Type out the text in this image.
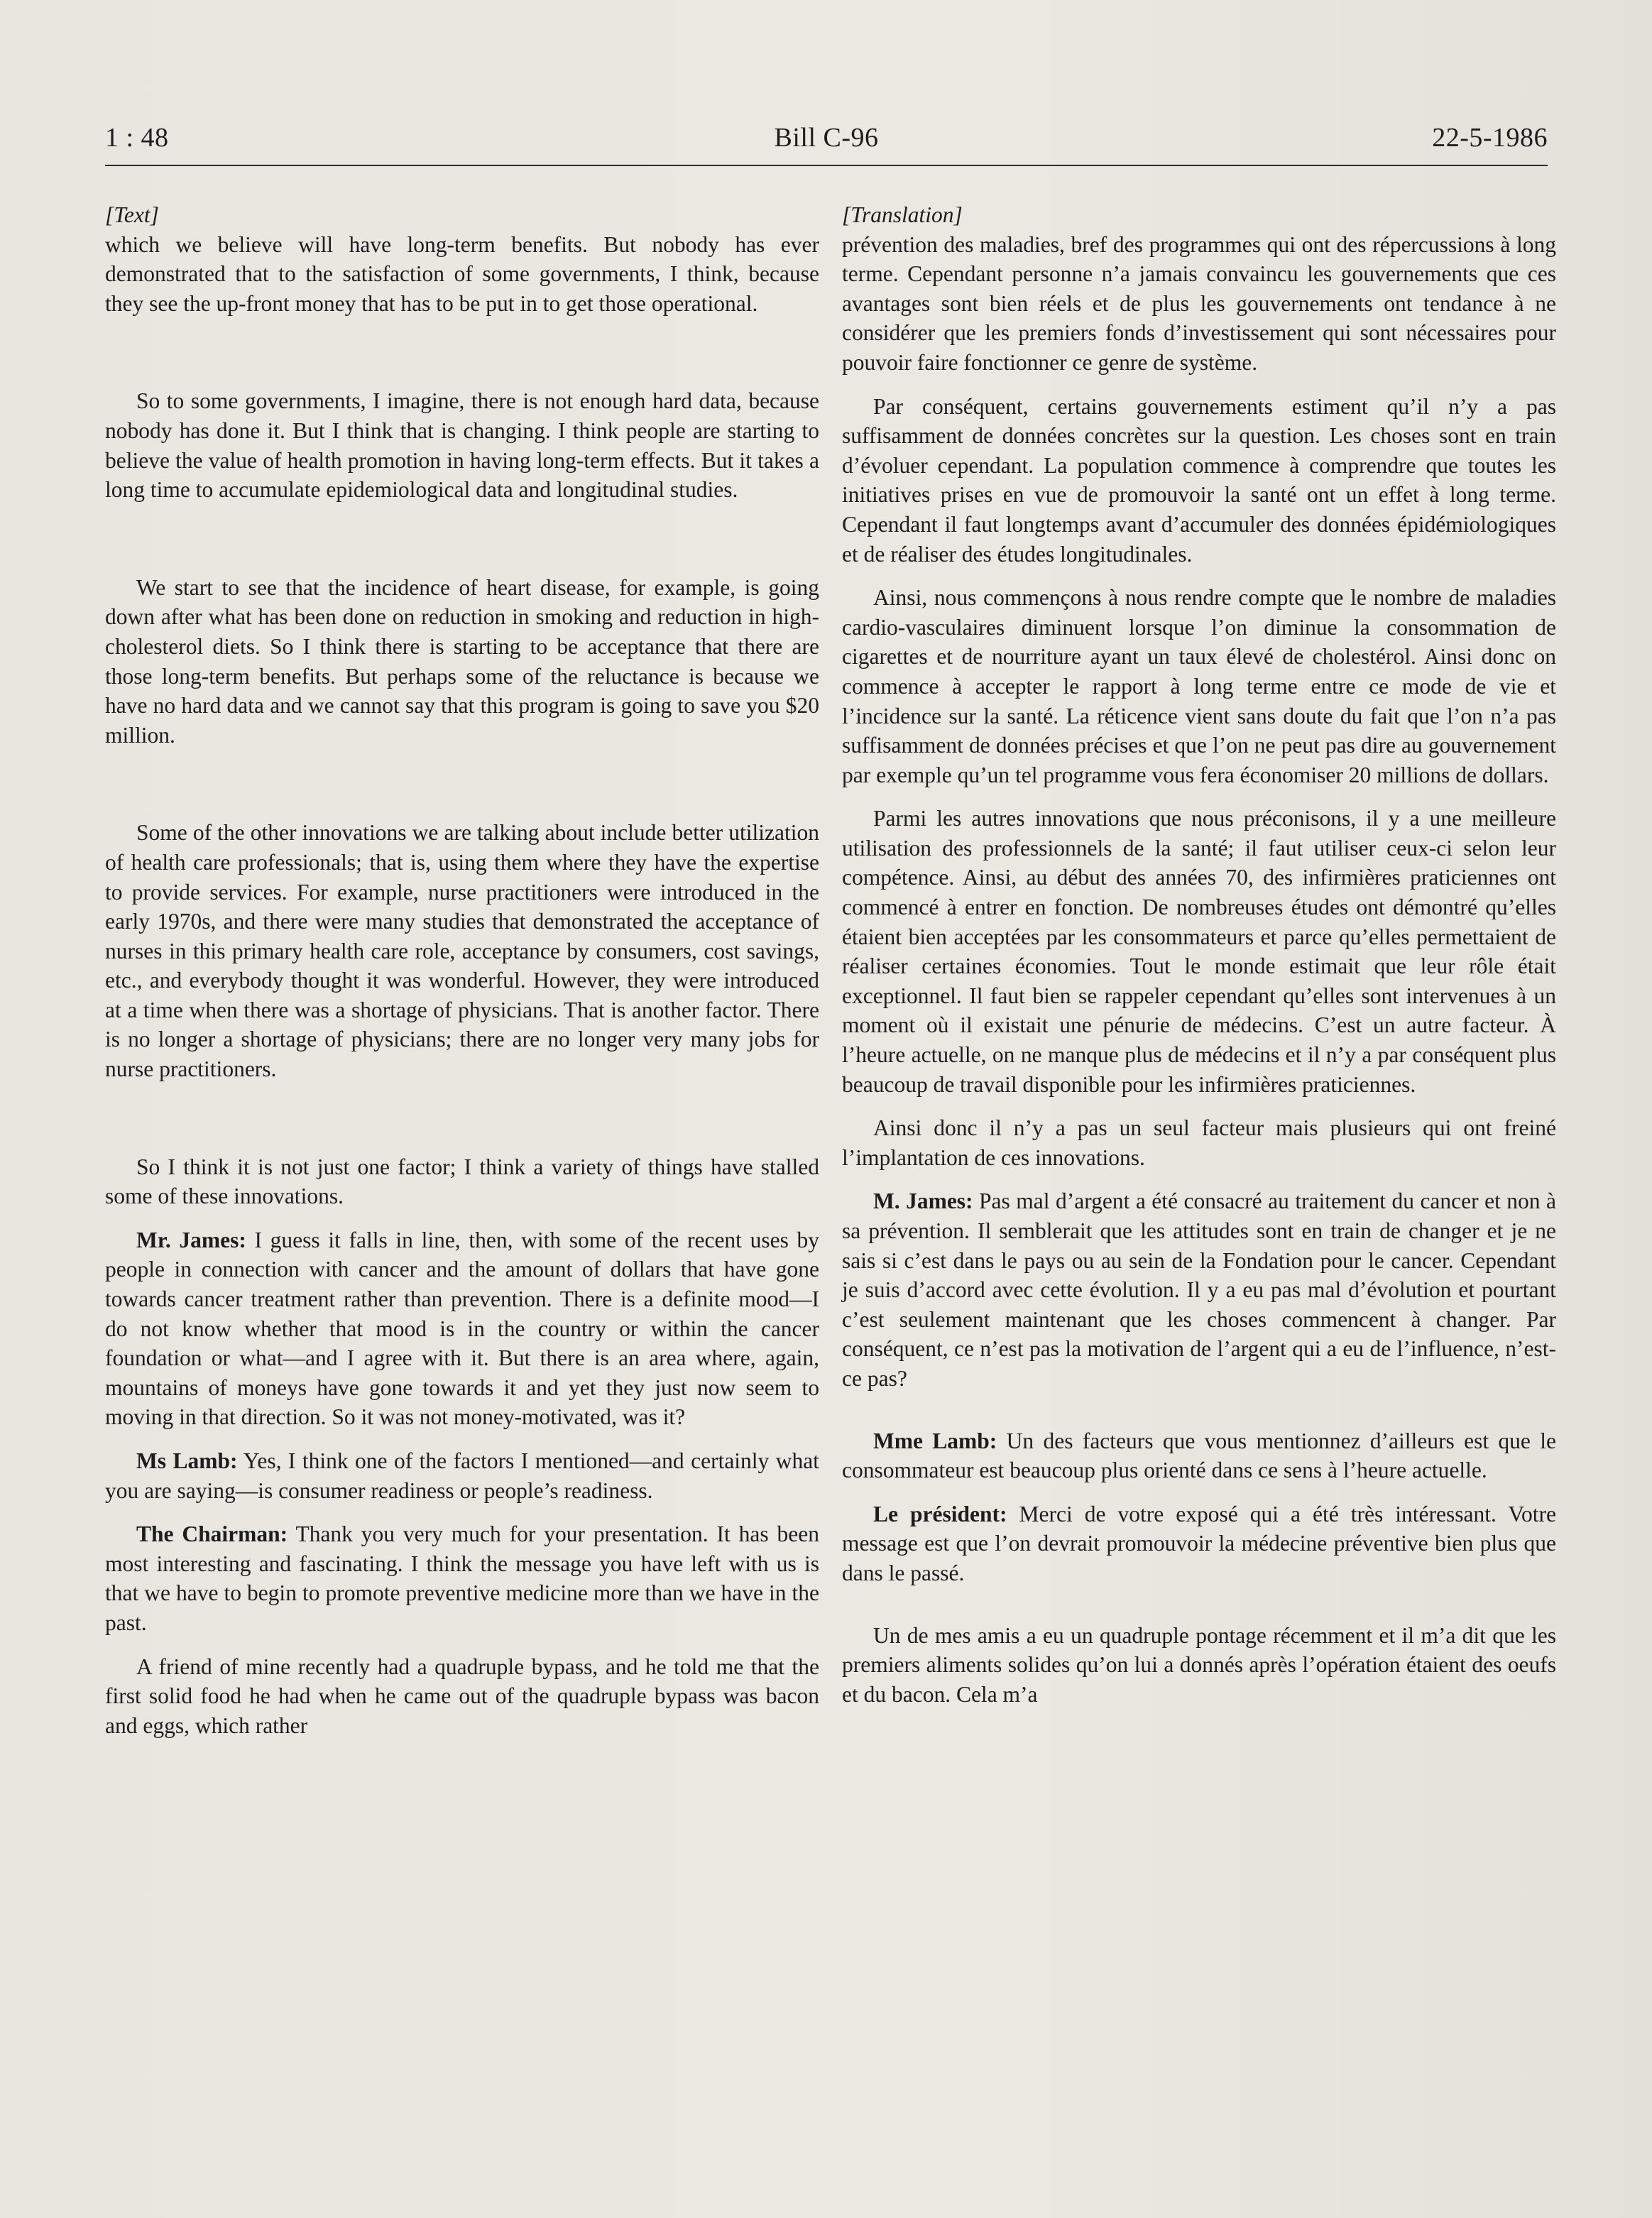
1 : 48	Bill C-96	22-5-1986

[Text]

which we believe will have long-term benefits. But nobody has ever demonstrated that to the satisfaction of some governments, I think, because they see the up-front money that has to be put in to get those operational.

So to some governments, I imagine, there is not enough hard data, because nobody has done it. But I think that is changing. I think people are starting to believe the value of health promotion in having long-term effects. But it takes a long time to accumulate epidemiological data and longitudinal studies.

We start to see that the incidence of heart disease, for example, is going down after what has been done on reduction in smoking and reduction in high-cholesterol diets. So I think there is starting to be acceptance that there are those long-term benefits. But perhaps some of the reluctance is because we have no hard data and we cannot say that this program is going to save you $20 million.

Some of the other innovations we are talking about include better utilization of health care professionals; that is, using them where they have the expertise to provide services. For example, nurse practitioners were introduced in the early 1970s, and there were many studies that demonstrated the acceptance of nurses in this primary health care role, acceptance by consumers, cost savings, etc., and everybody thought it was wonderful. However, they were introduced at a time when there was a shortage of physicians. That is another factor. There is no longer a shortage of physicians; there are no longer very many jobs for nurse practitioners.

So I think it is not just one factor; I think a variety of things have stalled some of these innovations.

Mr. James: I guess it falls in line, then, with some of the recent uses by people in connection with cancer and the amount of dollars that have gone towards cancer treatment rather than prevention. There is a definite mood—I do not know whether that mood is in the country or within the cancer foundation or what—and I agree with it. But there is an area where, again, mountains of moneys have gone towards it and yet they just now seem to moving in that direction. So it was not money-motivated, was it?

Ms Lamb: Yes, I think one of the factors I mentioned—and certainly what you are saying—is consumer readiness or people’s readiness.

The Chairman: Thank you very much for your presentation. It has been most interesting and fascinating. I think the message you have left with us is that we have to begin to promote preventive medicine more than we have in the past.

A friend of mine recently had a quadruple bypass, and he told me that the first solid food he had when he came out of the quadruple bypass was bacon and eggs, which rather

[Translation]

prévention des maladies, bref des programmes qui ont des répercussions à long terme. Cependant personne n’a jamais convaincu les gouvernements que ces avantages sont bien réels et de plus les gouvernements ont tendance à ne considérer que les premiers fonds d’investissement qui sont nécessaires pour pouvoir faire fonctionner ce genre de système.

Par conséquent, certains gouvernements estiment qu’il n’y a pas suffisamment de données concrètes sur la question. Les choses sont en train d’évoluer cependant. La population commence à comprendre que toutes les initiatives prises en vue de promouvoir la santé ont un effet à long terme. Cependant il faut longtemps avant d’accumuler des données épidémiologiques et de réaliser des études longitudinales.

Ainsi, nous commençons à nous rendre compte que le nombre de maladies cardio-vasculaires diminuent lorsque l’on diminue la consommation de cigarettes et de nourriture ayant un taux élevé de cholestérol. Ainsi donc on commence à accepter le rapport à long terme entre ce mode de vie et l’incidence sur la santé. La réticence vient sans doute du fait que l’on n’a pas suffisamment de données précises et que l’on ne peut pas dire au gouvernement par exemple qu’un tel programme vous fera économiser 20 millions de dollars.

Parmi les autres innovations que nous préconisons, il y a une meilleure utilisation des professionnels de la santé; il faut utiliser ceux-ci selon leur compétence. Ainsi, au début des années 70, des infirmières praticiennes ont commencé à entrer en fonction. De nombreuses études ont démontré qu’elles étaient bien acceptées par les consommateurs et parce qu’elles permettaient de réaliser certaines économies. Tout le monde estimait que leur rôle était exceptionnel. Il faut bien se rappeler cependant qu’elles sont intervenues à un moment où il existait une pénurie de médecins. C’est un autre facteur. À l’heure actuelle, on ne manque plus de médecins et il n’y a par conséquent plus beaucoup de travail disponible pour les infirmières praticiennes.

Ainsi donc il n’y a pas un seul facteur mais plusieurs qui ont freiné l’implantation de ces innovations.

M. James: Pas mal d’argent a été consacré au traitement du cancer et non à sa prévention. Il semblerait que les attitudes sont en train de changer et je ne sais si c’est dans le pays ou au sein de la Fondation pour le cancer. Cependant je suis d’accord avec cette évolution. Il y a eu pas mal d’évolution et pourtant c’est seulement maintenant que les choses commencent à changer. Par conséquent, ce n’est pas la motivation de l’argent qui a eu de l’influence, n’est-ce pas?

Mme Lamb: Un des facteurs que vous mentionnez d’ailleurs est que le consommateur est beaucoup plus orienté dans ce sens à l’heure actuelle.

Le président: Merci de votre exposé qui a été très intéressant. Votre message est que l’on devrait promouvoir la médecine préventive bien plus que dans le passé.

Un de mes amis a eu un quadruple pontage récemment et il m’a dit que les premiers aliments solides qu’on lui a donnés après l’opération étaient des oeufs et du bacon. Cela m’a
